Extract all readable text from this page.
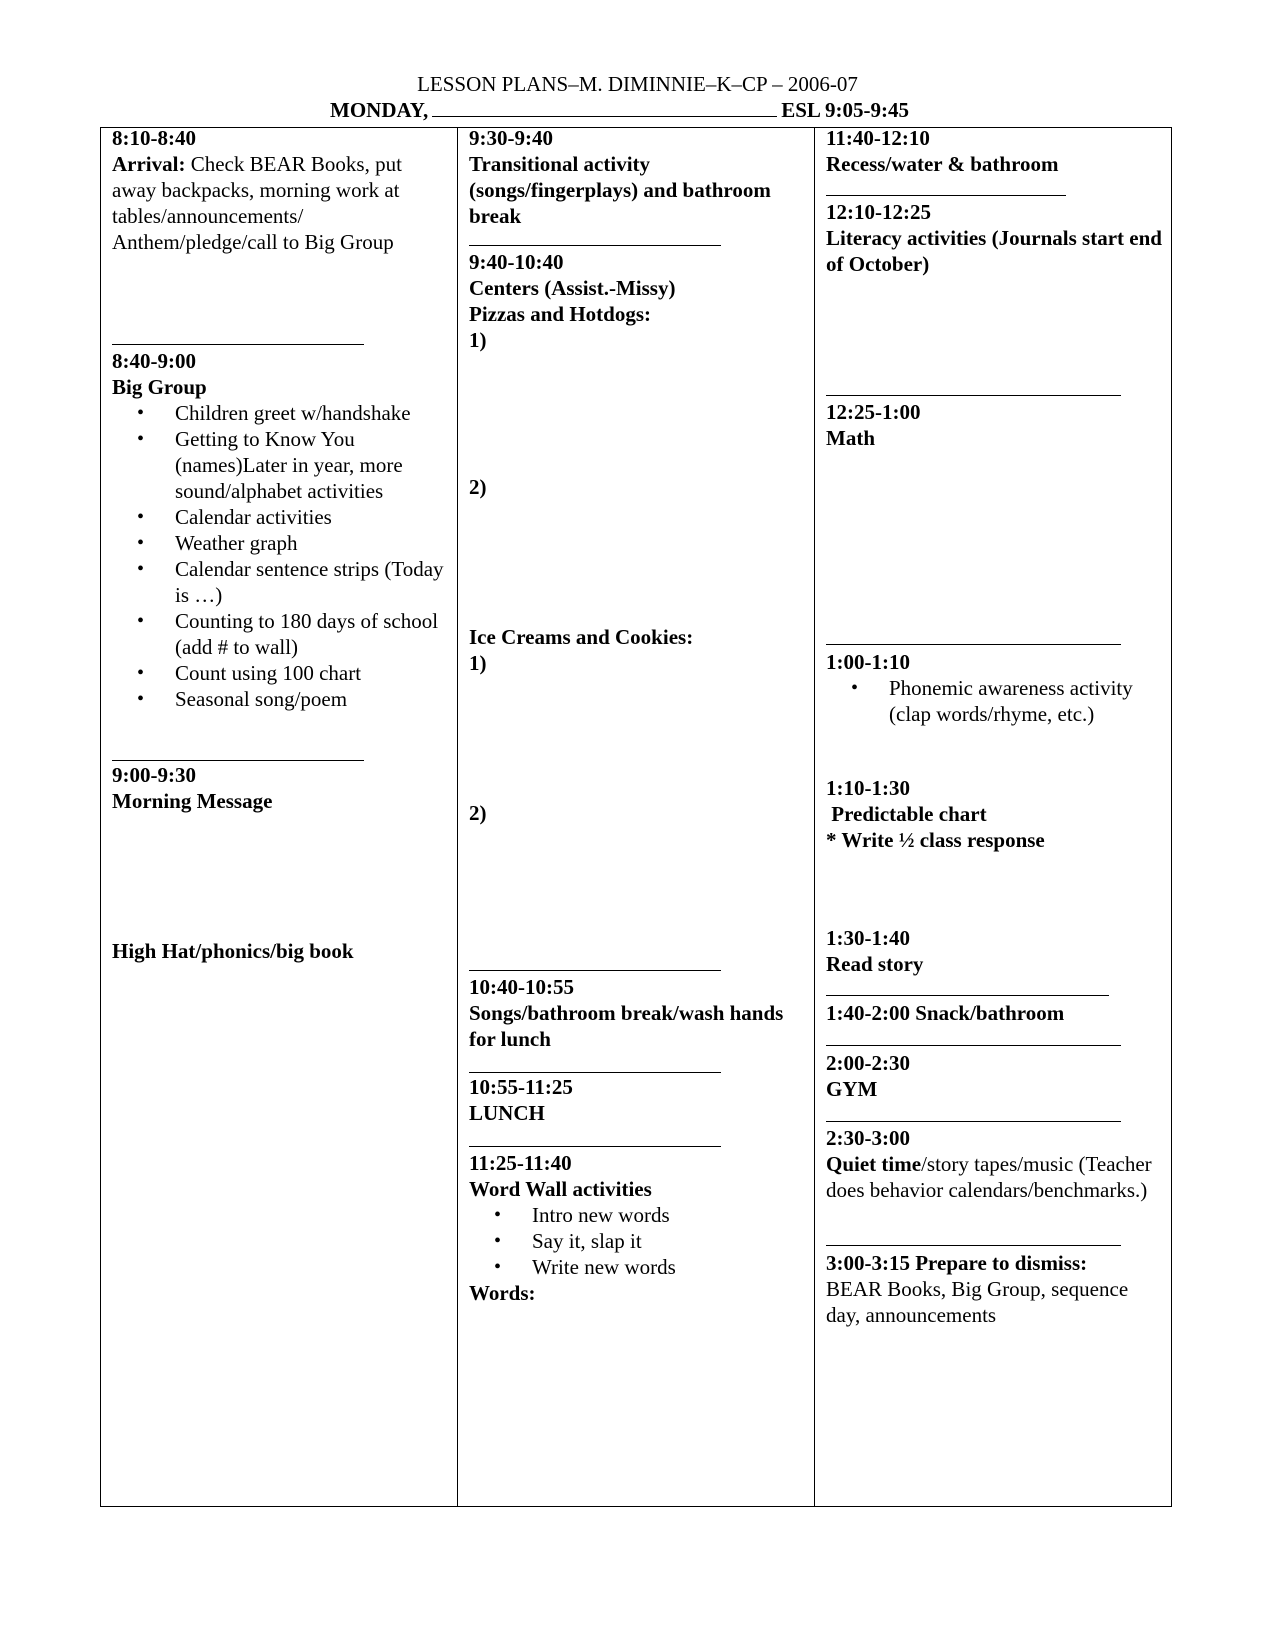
LESSON PLANS–M. DIMINNIE–K–CP – 2006-07
MONDAY,	ESL 9:05-9:45
8:10-8:40
Arrival: Check BEAR Books, put away backpacks, morning work at tables/announcements/ Anthem/pledge/call to Big Group
8:40-9:00
Big Group
• Children greet w/handshake
• Getting to Know You (names)Later in year, more sound/alphabet activities
• Calendar activities
• Weather graph
• Calendar sentence strips (Today is …)
• Counting to 180 days of school (add # to wall)
• Count using 100 chart
• Seasonal song/poem
9:00-9:30
Morning Message
High Hat/phonics/big book
9:30-9:40
Transitional activity (songs/fingerplays) and bathroom break
9:40-10:40
Centers (Assist.-Missy)
Pizzas and Hotdogs:
1)
2)
Ice Creams and Cookies:
1)
2)
10:40-10:55
Songs/bathroom break/wash hands for lunch
10:55-11:25
LUNCH
11:25-11:40
Word Wall activities
• Intro new words
• Say it, slap it
• Write new words
Words:
11:40-12:10
Recess/water & bathroom
12:10-12:25
Literacy activities (Journals start end of October)
12:25-1:00
Math
1:00-1:10
• Phonemic awareness activity (clap words/rhyme, etc.)
1:10-1:30
Predictable chart
* Write ½ class response
1:30-1:40
Read story
1:40-2:00 Snack/bathroom
2:00-2:30
GYM
2:30-3:00
Quiet time/story tapes/music (Teacher does behavior calendars/benchmarks.)
3:00-3:15 Prepare to dismiss:
BEAR Books, Big Group, sequence day, announcements
